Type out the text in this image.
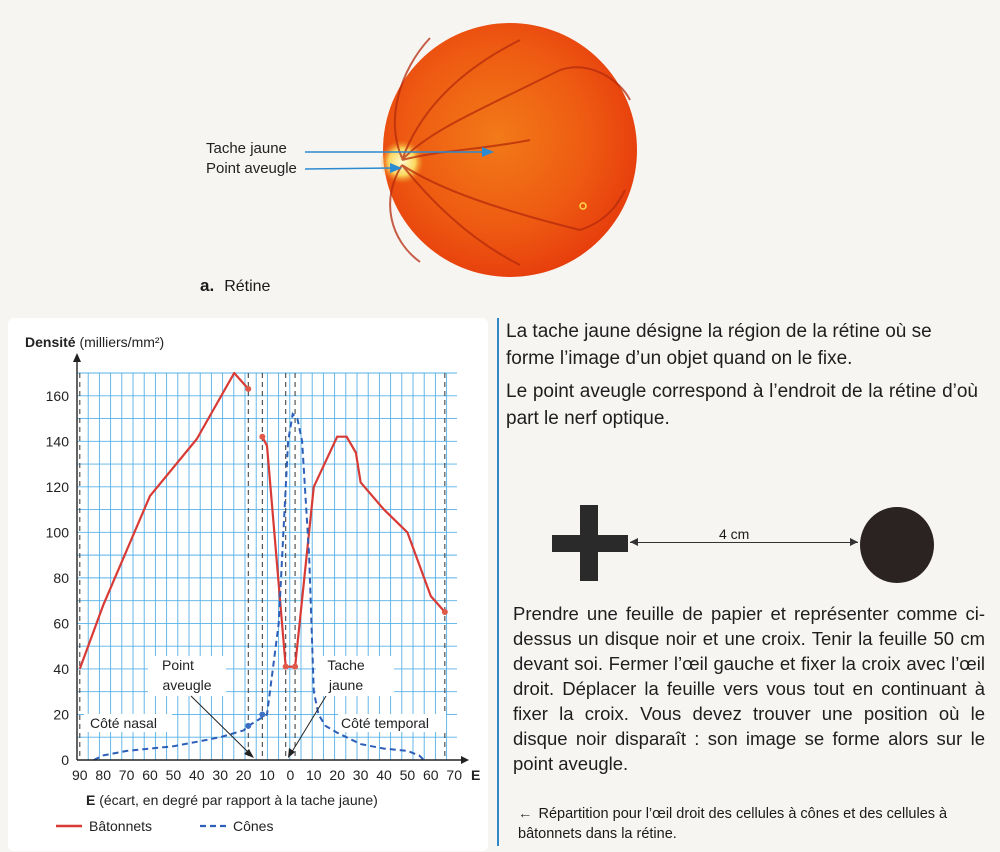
Tache jaune
Point aveugle
a. Rétine
Point
aveugle
Tache
jaune
Côté nasal	Côté temporal
0
20
40
60
80
100
120
140
160
90 80 70 60 50 40 30 20 10 0 10 20 30 40 50 60 70 E
Densité (milliers/mm²)
E (écart, en degré par rapport à la tache jaune)
Bâtonnets	Cônes
La tache jaune désigne la région de la rétine où se forme l’image d’un objet quand on le fixe.
Le point aveugle correspond à l’endroit de la rétine d’où part le nerf optique.
4 cm
Prendre une feuille de papier et représenter comme ci-dessus un disque noir et une croix. Tenir la feuille 50 cm devant soi. Fermer l’œil gauche et fixer la croix avec l’œil droit. Déplacer la feuille vers vous tout en continuant à fixer la croix. Vous devez trouver une position où le disque noir disparaît : son image se forme alors sur le point aveugle.
← Répartition pour l’œil droit des cellules à cônes et des cellules à bâtonnets dans la rétine.
